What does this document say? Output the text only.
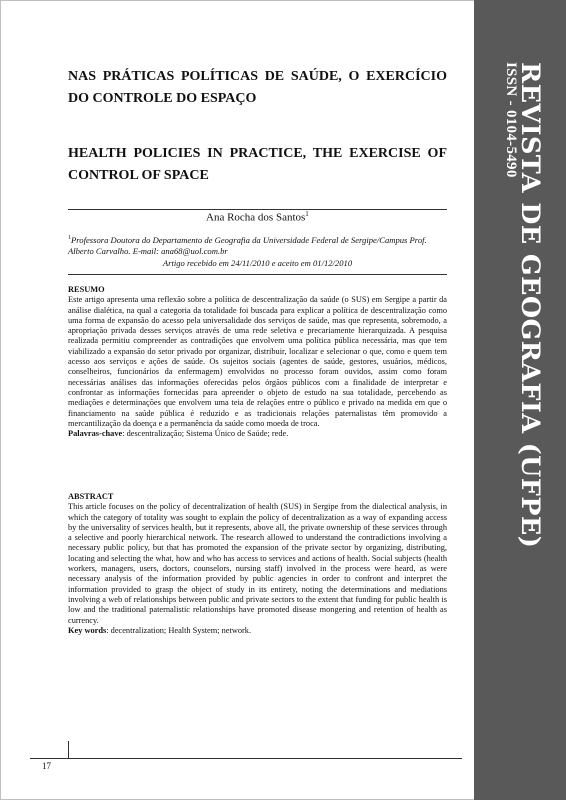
REVISTA DE GEOGRAFIA (UFPE)
ISSN - 0104-5490
NAS PRÁTICAS POLÍTICAS DE SAÚDE, O EXERCÍCIO DO CONTROLE DO ESPAÇO
HEALTH POLICIES IN PRACTICE, THE EXERCISE OF CONTROL OF SPACE
Ana Rocha dos Santos$^1$
$^1$Professora Doutora do Departamento de Geografia da Universidade Federal de Sergipe/Campus Prof. Alberto Carvalho. E-mail: ana68@uol.com.br
Artigo recebido em 24/11/2010 e aceito em 01/12/2010
RESUMO
Este artigo apresenta uma reflexão sobre a política de descentralização da saúde (o SUS) em Sergipe a partir da análise dialética, na qual a categoria da totalidade foi buscada para explicar a política de descentralização como uma forma de expansão do acesso pela universalidade dos serviços de saúde, mas que representa, sobremodo, a apropriação privada desses serviços através de uma rede seletiva e precariamente hierarquizada. A pesquisa realizada permitiu compreender as contradições que envolvem uma política pública necessária, mas que tem viabilizado a expansão do setor privado por organizar, distribuir, localizar e selecionar o que, como e quem tem acesso aos serviços e ações de saúde. Os sujeitos sociais (agentes de saúde, gestores, usuários, médicos, conselheiros, funcionários da enfermagem) envolvidos no processo foram ouvidos, assim como foram necessárias análises das informações oferecidas pelos órgãos públicos com a finalidade de interpretar e confrontar as informações fornecidas para apreender o objeto de estudo na sua totalidade, percebendo as mediações e determinações que envolvem uma teia de relações entre o público e privado na medida em que o financiamento na saúde pública é reduzido e as tradicionais relações paternalistas têm promovido a mercantilização da doença e a permanência da saúde como moeda de troca.
Palavras-chave: descentralização; Sistema Único de Saúde; rede.
ABSTRACT
This article focuses on the policy of decentralization of health (SUS) in Sergipe from the dialectical analysis, in which the category of totality was sought to explain the policy of decentralization as a way of expanding access by the universality of services health, but it represents, above all, the private ownership of these services through a selective and poorly hierarchical network. The research allowed to understand the contradictions involving a necessary public policy, but that has promoted the expansion of the private sector by organizing, distributing, locating and selecting the what, how and who has access to services and actions of health. Social subjects (health workers, managers, users, doctors, counselors, nursing staff) involved in the process were heard, as were necessary analysis of the information provided by public agencies in order to confront and interpret the information provided to grasp the object of study in its entirety, noting the determinations and mediations involving a web of relationships between public and private sectors to the extent that funding for public health is low and the traditional paternalistic relationships have promoted disease mongering and retention of health as currency.
Key words: decentralization; Health System; network.
17
